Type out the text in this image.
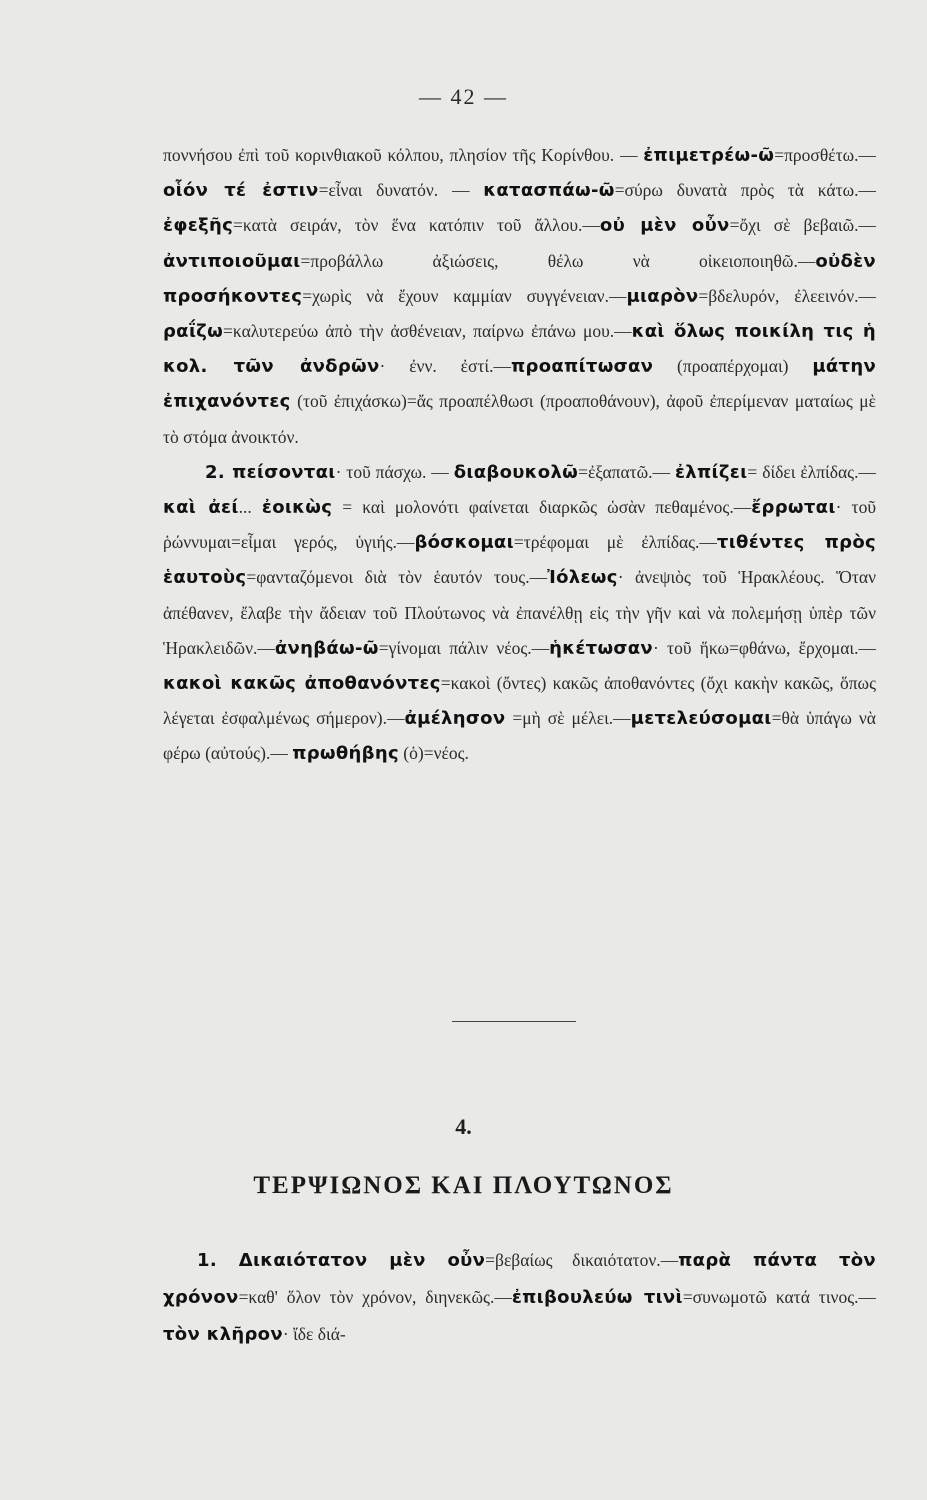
— 42 —

ποννήσου ἐπὶ τοῦ κορινθιακοῦ κόλπου, πλησίον τῆς Κορίνθου. — ἐπιμετρέω-ῶ=προσθέτω.—οἷόν τέ ἐστιν=εἶναι δυνατόν. — κατασπάω-ῶ=σύρω δυνατὰ πρὸς τὰ κάτω.—ἐφεξῆς=κατὰ σειράν, τὸν ἕνα κατόπιν τοῦ ἄλλου.—οὐ μὲν οὖν=ὄχι σὲ βεβαιῶ.—ἀντιποιοῦμαι=προβάλλω ἀξιώσεις, θέλω νὰ οἰκειοποιηθῶ.—οὐδὲν προσήκοντες=χωρὶς νὰ ἔχουν καμμίαν συγγένειαν.—μιαρὸν=βδελυρόν, ἐλεεινόν.— ραΐζω=καλυτερεύω ἀπὸ τὴν ἀσθένειαν, παίρνω ἐπάνω μου.—καὶ ὅλως ποικίλη τις ἡ κολ. τῶν ἀνδρῶν· ἐνν. ἐστί.—προαπίτωσαν (προαπέρχομαι) μάτην ἐπιχανόντες (τοῦ ἐπιχάσκω)=ἄς προαπέλθωσι (προαποθάνουν), ἀφοῦ ἐπερίμεναν ματαίως μὲ τὸ στόμα ἀνοικτόν.

2. πείσονται· τοῦ πάσχω. — διαβουκολῶ=ἐξαπατῶ.— ἐλπίζει= δίδει ἐλπίδας.— καὶ ἀεί... ἐοικὼς = καὶ μολονότι φαίνεται διαρκῶς ὡσὰν πεθαμένος.—ἔρρωται· τοῦ ῥώννυμαι=εἶμαι γερός, ὑγιής.—βόσκομαι=τρέφομαι μὲ ἐλπίδας.—τιθέντες πρὸς ἑαυτοὺς=φανταζόμενοι διὰ τὸν ἑαυτόν τους.—Ἰόλεως· ἀνεψιὸς τοῦ Ἡρακλέους. Ὅταν ἀπέθανεν, ἔλαβε τὴν ἄδειαν τοῦ Πλούτωνος νὰ ἐπανέλθῃ εἰς τὴν γῆν καὶ νὰ πολεμήσῃ ὑπὲρ τῶν Ἡρακλειδῶν.—ἀνηβάω-ῶ=γίνομαι πάλιν νέος.—ἡκέτωσαν· τοῦ ἥκω=φθάνω, ἔρχομαι.—κακοὶ κακῶς ἀποθανόντες=κακοὶ (ὄντες) κακῶς ἀποθανόντες (ὄχι κακὴν κακῶς, ὅπως λέγεται ἐσφαλμένως σήμερον).—ἀμέλησον =μὴ σὲ μέλει.—μετελεύσομαι=θὰ ὑπάγω νὰ φέρω (αὐτούς).— πρωθήβης (ὁ)=νέος.

4.
ΤΕΡΨΙΩΝΟΣ ΚΑΙ ΠΛΟΥΤΩΝΟΣ

1. Δικαιότατον μὲν οὖν=βεβαίως δικαιότατον.—παρὰ πάντα τὸν χρόνον=καθ' ὅλον τὸν χρόνον, διηνεκῶς.—ἐπιβουλεύω τινὶ=συνωμοτῶ κατά τινος.—τὸν κλῆρον· ἴδε διά-
